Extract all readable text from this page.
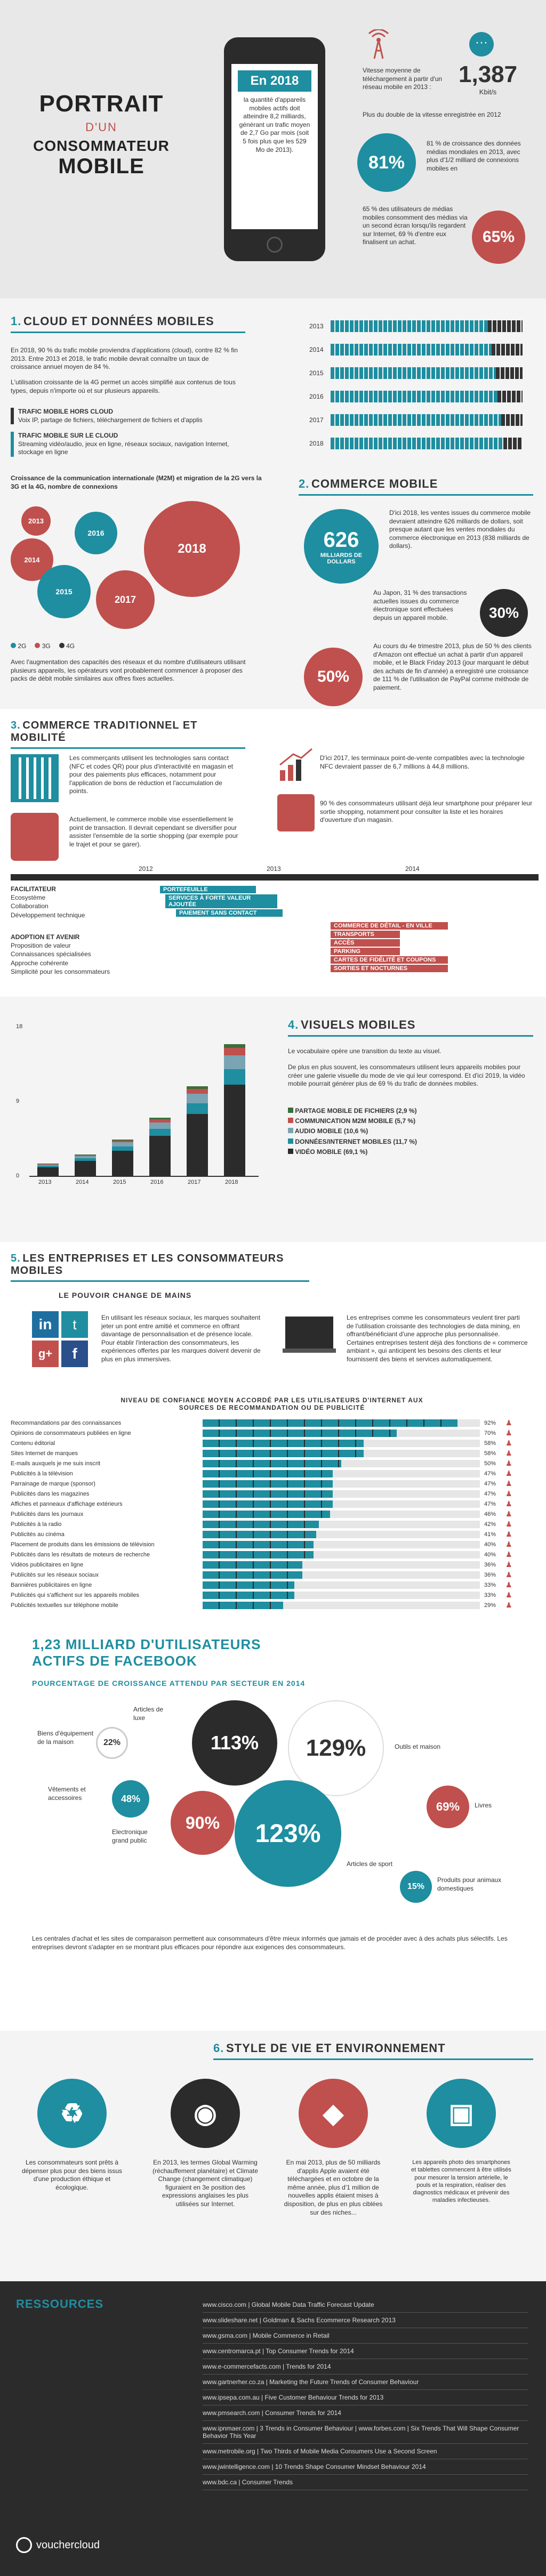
PORTRAIT
D'UN
CONSOMMATEUR
MOBILE
En 2018

la quantité d'appareils mobiles actifs doit atteindre 8,2 milliards, générant un trafic moyen de 2,7 Go par mois (soit 5 fois plus que les 529 Mo de 2013).

···

Vitesse moyenne de téléchargement à partir d'un réseau mobile en 2013 :	1,387
Kbit/s

Plus du double de la vitesse enregistrée en 2012

81%

81 % de croissance des données médias mondiales en 2013, avec plus d'1/2 milliard de connexions mobiles en

65 % des utilisateurs de médias mobiles consomment des médias via un second écran lorsqu'ils regardent sur Internet, 69 % d'entre eux finalisent un achat.	65%
1. CLOUD ET DONNÉES MOBILES

En 2018, 90 % du trafic mobile proviendra d'applications (cloud), contre 82 % fin 2013. Entre 2013 et 2018, le trafic mobile devrait connaître un taux de croissance annuel moyen de 84 %.

L'utilisation croissante de la 4G permet un accès simplifié aux contenus de tous types, depuis n'importe où et sur plusieurs appareils.

TRAFIC MOBILE HORS CLOUD
Voix IP, partage de fichiers, téléchargement de fichiers et d'applis
TRAFIC MOBILE SUR LE CLOUD
Streaming vidéo/audio, jeux en ligne, réseaux sociaux, navigation Internet, stockage en ligne
2013
2014
2015
2016
2017
2018

Croissance de la communication internationale (M2M) et migration de la 2G vers la 3G et la 4G, nombre de connexions

2013
2014
2016
2015
2017
2018
2G	3G	4G

Avec l'augmentation des capacités des réseaux et du nombre d'utilisateurs utilisant plusieurs appareils, les opérateurs vont probablement commencer à proposer des packs de débit mobile similaires aux offres fixes actuelles.

2. COMMERCE MOBILE
626
MILLIARDS DE DOLLARS

D'ici 2018, les ventes issues du commerce mobile devraient atteindre 626 milliards de dollars, soit presque autant que les ventes mondiales du commerce électronique en 2013 (838 milliards de dollars).

Au Japon, 31 % des transactions actuelles issues du commerce électronique sont effectuées depuis un appareil mobile.	30%
50%

Au cours du 4e trimestre 2013, plus de 50 % des clients d'Amazon ont effectué un achat à partir d'un appareil mobile, et le Black Friday 2013 (jour marquant le début des achats de fin d'année) a enregistré une croissance de 111 % de l'utilisation de PayPal comme méthode de paiement.

3. COMMERCE TRADITIONNEL ET MOBILITÉ

Les commerçants utilisent les technologies sans contact (NFC et codes QR) pour plus d'interactivité en magasin et pour des paiements plus efficaces, notamment pour l'application de bons de réduction et l'accumulation de points.

Actuellement, le commerce mobile vise essentiellement le point de transaction. Il devrait cependant se diversifier pour assister l'ensemble de la sortie shopping (par exemple pour le trajet et pour se garer).

D'ici 2017, les terminaux point-de-vente compatibles avec la technologie NFC devraient passer de 6,7 millions à 44,8 millions.

90 % des consommateurs utilisant déjà leur smartphone pour préparer leur sortie shopping, notamment pour consulter la liste et les horaires d'ouverture d'un magasin.

2012	2013	2014
FACILITATEUR
Ecosystème
Collaboration
Développement technique
ADOPTION ET AVENIR
Proposition de valeur
Connaissances spécialisées
Approche cohérente
Simplicité pour les consommateurs
PORTEFEUILLE
SERVICES À FORTE VALEUR AJOUTÉE
PAIEMENT SANS CONTACT
COMMERCE DE DÉTAIL - EN VILLE
TRANSPORTS
ACCÈS
PARKING
CARTES DE FIDÉLITÉ ET COUPONS
SORTIES ET NOCTURNES
4. VISUELS MOBILES

Le vocabulaire opère une transition du texte au visuel.

De plus en plus souvent, les consommateurs utilisent leurs appareils mobiles pour créer une galerie visuelle du mode de vie qui leur correspond. Et d'ici 2019, la vidéo mobile pourrait générer plus de 69 % du trafic de données mobiles.

PARTAGE MOBILE DE FICHIERS (2,9 %)
COMMUNICATION M2M MOBILE (5,7 %)
AUDIO MOBILE (10,6 %)
DONNÉES/INTERNET MOBILES (11,7 %)
VIDÉO MOBILE (69,1 %)
18
9
0
2013	2014	2015	2016	2017	2018
5. LES ENTREPRISES ET LES CONSOMMATEURS MOBILES
LE POUVOIR CHANGE DE MAINS
in	t
g+	f

En utilisant les réseaux sociaux, les marques souhaitent jeter un pont entre amitié et commerce en offrant davantage de personnalisation et de présence locale. Pour établir l'interaction des consommateurs, les expériences offertes par les marques doivent devenir de plus en plus immersives.

Les entreprises comme les consommateurs veulent tirer parti de l'utilisation croissante des technologies de data mining, en offrant/bénéficiant d'une approche plus personnalisée. Certaines entreprises testent déjà des fonctions de « commerce ambiant », qui anticipent les besoins des clients et leur fournissent des biens et services automatiquement.

NIVEAU DE CONFIANCE MOYEN ACCORDÉ PAR LES UTILISATEURS D'INTERNET AUX SOURCES DE RECOMMANDATION OU DE PUBLICITÉ
Recommandations par des connaissances	92%	♟
Opinions de consommateurs publiées en ligne	70%	♟
Contenu éditorial	58%	♟
Sites Internet de marques	58%	♟
E-mails auxquels je me suis inscrit	50%	♟
Publicités à la télévision	47%	♟
Parrainage de marque (sponsor)	47%	♟
Publicités dans les magazines	47%	♟
Affiches et panneaux d'affichage extérieurs	47%	♟
Publicités dans les journaux	46%	♟
Publicités à la radio	42%	♟
Publicités au cinéma	41%	♟
Placement de produits dans les émissions de télévision	40%	♟
Publicités dans les résultats de moteurs de recherche	40%	♟
Vidéos publicitaires en ligne	36%	♟
Publicités sur les réseaux sociaux	36%	♟
Bannières publicitaires en ligne	33%	♟
Publicités qui s'affichent sur les appareils mobiles	33%	♟
Publicités textuelles sur téléphone mobile	29%	♟
1,23 MILLIARD D'UTILISATEURS
ACTIFS DE FACEBOOK
POURCENTAGE DE CROISSANCE ATTENDU PAR SECTEUR EN 2014
22%
Biens d'équipement de la maison	113%
Articles de luxe
129%	Outils et maison
48%
Vêtements et accessoires
90%
Electronique grand public	123%
Articles de sport
69%	Livres
15%
Produits pour animaux domestiques

Les centrales d'achat et les sites de comparaison permettent aux consommateurs d'être mieux informés que jamais et de procéder avec à des achats plus sélectifs. Les entreprises devront s'adapter en se montrant plus efficaces pour répondre aux exigences des consommateurs.

6. STYLE DE VIE ET ENVIRONNEMENT
♻	◉	◆	▣

Les consommateurs sont prêts à dépenser plus pour des biens issus d'une production éthique et écologique.

En 2013, les termes Global Warming (réchauffement planétaire) et Climate Change (changement climatique) figuraient en 3e position des expressions anglaises les plus utilisées sur Internet.

En mai 2013, plus de 50 milliards d'applis Apple avaient été téléchargées et en octobre de la même année, plus d'1 million de nouvelles applis étaient mises à disposition, de plus en plus ciblées sur des niches...

Les appareils photo des smartphones et tablettes commencent à être utilisés pour mesurer la tension artérielle, le pouls et la respiration, réaliser des diagnostics médicaux et prévenir des maladies infectieuses.

RESSOURCES	www.cisco.com | Global Mobile Data Traffic Forecast Update
www.slideshare.net | Goldman & Sachs Ecommerce Research 2013
www.gsma.com | Mobile Commerce in Retail
www.centromarca.pt | Top Consumer Trends for 2014
www.e-commercefacts.com | Trends for 2014
www.gartnerher.co.za | Marketing the Future Trends of Consumer Behaviour
www.ipsepa.com.au | Five Customer Behaviour Trends for 2013
www.pmsearch.com | Consumer Trends for 2014
www.ipnmaer.com | 3 Trends in Consumer Behaviour | www.forbes.com | Six Trends That Will Shape Consumer Behavior This Year
www.metrobile.org | Two Thirds of Mobile Media Consumers Use a Second Screen
www.jwintelligence.com | 10 Trends Shape Consumer Mindset Behaviour 2014
www.bdc.ca | Consumer Trends
vouchercloud
